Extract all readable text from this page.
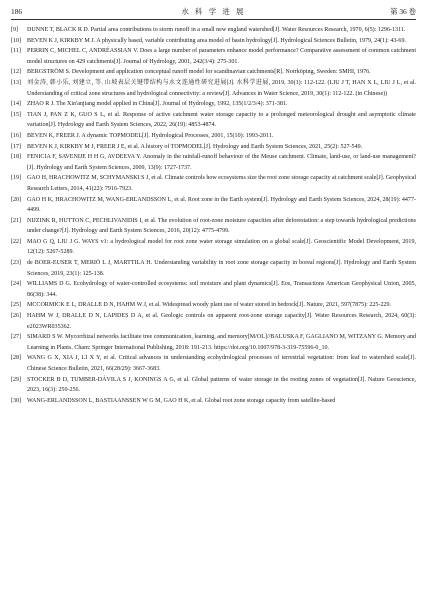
186	水 科 学 进 展	第 36 卷
[9] DUNNE T, BLACK R D. Partial area contributions to storm runoff in a small new england watershed[J]. Water Resources Research, 1970, 6(5): 1296-1311.
[10] BEVEN K J, KIRKBY M J. A physically based, variable contributing area model of basin hydrology[J]. Hydrological Sciences Bulletin, 1979, 24(1): 43-69.
[11] PERRIN C, MICHEL C, ANDRÉASSIAN V. Does a large number of parameters enhance model performance? Comparative assessment of common catchment model structures on 429 catchments[J]. Journal of Hydrology, 2001, 242(3/4): 275-301.
[12] BERGSTRÖM S. Development and application conceptual runoff model for scandinavian catchments[R]. Norrköping, Sweden: SMHI, 1976.
[13] 刘金涛, 韩小乐, 刘建立, 等. 山坡表层关键带结构与水文连通性研究进展[J]. 水科学进展, 2019, 30(1): 112-122. (LIU J T, HAN X L, LIU J L, et al. Understanding of critical zone structures and hydrological connectivity: a review[J]. Advances in Water Science, 2019, 30(1): 112-122. (in Chinese))
[14] ZHAO R J. The Xin'anjiang model applied in China[J]. Journal of Hydrology, 1992, 135(1/2/3/4): 371-381.
[15] TIAN J, PAN Z K, GUO S L, et al. Response of active catchment water storage capacity to a prolonged meteorological drought and asymptotic climate variation[J]. Hydrology and Earth System Sciences, 2022, 26(19): 4853-4874.
[16] BEVEN K, FREER J. A dynamic TOPMODEL[J]. Hydrological Processes, 2001, 15(10): 1993-2011.
[17] BEVEN K J, KIRKBY M J, FREER J E, et al. A history of TOPMODEL[J]. Hydrology and Earth System Sciences, 2021, 25(2): 527-549.
[18] FENICIA F, SAVENIJE H H G, AVDEEVA Y. Anomaly in the rainfall-runoff behaviour of the Meuse catchment. Climate, land-use, or land-use management?[J]. Hydrology and Earth System Sciences, 2009, 13(9): 1727-1737.
[19] GAO H, HRACHOWITZ M, SCHYMANSKI S J, et al. Climate controls how ecosystems size the root zone storage capacity at catchment scale[J]. Geophysical Research Letters, 2014, 41(22): 7916-7923.
[20] GAO H K, HRACHOWITZ M, WANG-ERLANDSSON L, et al. Root zone in the Earth system[J]. Hydrology and Earth System Sciences, 2024, 28(19): 4477-4499.
[21] NIJZINK R, HUTTON C, PECHLIVANIDIS I, et al. The evolution of root-zone moisture capacities after deforestation: a step towards hydrological predictions under change?[J]. Hydrology and Earth System Sciences, 2016, 20(12): 4775-4799.
[22] MAO G Q, LIU J G. WAYS v1: a hydrological model for root zone water storage simulation on a global scale[J]. Geoscientific Model Development, 2019, 12(12): 5267-5289.
[23] de BOER-EUSER T, MERIÖ L J, MARTTILA H. Understanding variability in root zone storage capacity in boreal regions[J]. Hydrology and Earth System Sciences, 2019, 23(1): 125-138.
[24] WILLIAMS D G. Ecohydrology of water-controlled ecosystems: soil moisture and plant dynamics[J]. Eos, Transactions American Geophysical Union, 2005, 86(38): 344.
[25] MCCORMICK E L, DRALLE D N, HAHM W J, et al. Widespread woody plant use of water stored in bedrock[J]. Nature, 2021, 597(7875): 225-229.
[26] HAHM W J, DRALLE D N, LAPIDES D A, et al. Geologic controls on apparent root-zone storage capacity[J]. Water Resources Research, 2024, 60(3): e2023WR035362.
[27] SIMARD S W. Mycorrhizal networks facilitate tree communication, learning, and memory[M/OL]//BALUSKA F, GAGLIANO M, WITZANY G. Memory and Learning in Plants. Cham: Springer International Publishing, 2018: 191-213. https://doi.org/10.1007/978-3-319-75596-0_10.
[28] WANG G X, XIA J, LI X Y, et al. Critical advances in understanding ecohydrological processes of terrestrial vegetation: from leaf to watershed scale[J]. Chinese Science Bulletin, 2021, 66(28/29): 3667-3683.
[29] STOCKER B D, TUMBER-DÁVILA S J, KONINGS A G, et al. Global patterns of water storage in the rooting zones of vegetation[J]. Nature Geoscience, 2023, 16(3): 250-256.
[30] WANG-ERLANDSSON L, BASTIAANSSEN W G M, GAO H K, et al. Global root zone storage capacity from satellite-based
